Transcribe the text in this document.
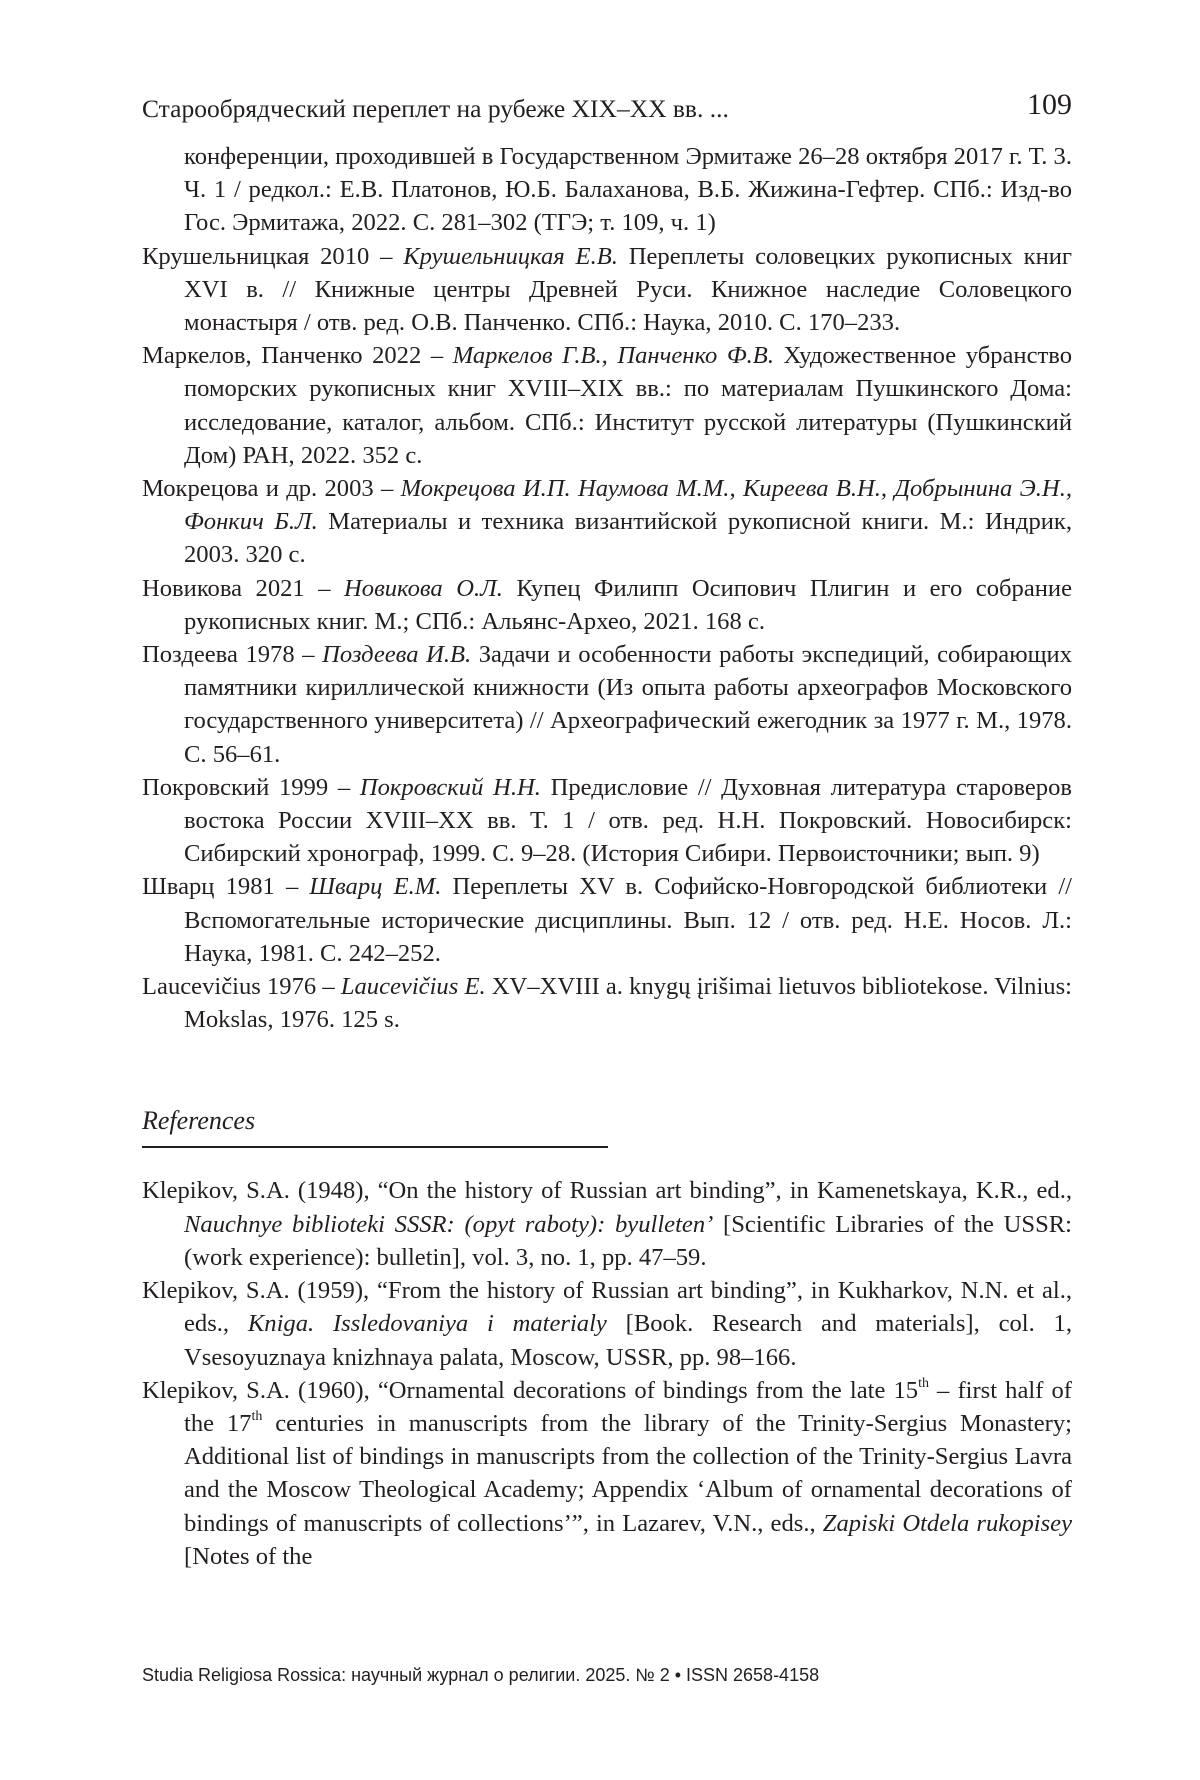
Старообрядческий переплет на рубеже XIX–XX вв. ...	109

конференции, проходившей в Государственном Эрмитаже 26–28 октября 2017 г. Т. 3. Ч. 1 / редкол.: Е.В. Платонов, Ю.Б. Балаханова, В.Б. Жижина-Гефтер. СПб.: Изд-во Гос. Эрмитажа, 2022. С. 281–302 (ТГЭ; т. 109, ч. 1)

Крушельницкая 2010 – Крушельницкая Е.В. Переплеты соловецких рукописных книг XVI в. // Книжные центры Древней Руси. Книжное наследие Соловецкого монастыря / отв. ред. О.В. Панченко. СПб.: Наука, 2010. С. 170–233.

Маркелов, Панченко 2022 – Маркелов Г.В., Панченко Ф.В. Художественное убранство поморских рукописных книг XVIII–XIX вв.: по материалам Пушкинского Дома: исследование, каталог, альбом. СПб.: Институт русской литературы (Пушкинский Дом) РАН, 2022. 352 с.

Мокрецова и др. 2003 – Мокрецова И.П. Наумова М.М., Киреева В.Н., Добрынина Э.Н., Фонкич Б.Л. Материалы и техника византийской рукописной книги. М.: Индрик, 2003. 320 с.

Новикова 2021 – Новикова О.Л. Купец Филипп Осипович Плигин и его собрание рукописных книг. М.; СПб.: Альянс-Археo, 2021. 168 с.

Поздеева 1978 – Поздеева И.В. Задачи и особенности работы экспедиций, собирающих памятники кириллической книжности (Из опыта работы археографов Московского государственного университета) // Археографический ежегодник за 1977 г. М., 1978. С. 56–61.

Покровский 1999 – Покровский Н.Н. Предисловие // Духовная литература староверов востока России XVIII–XX вв. Т. 1 / отв. ред. Н.Н. Покровский. Новосибирск: Сибирский хронограф, 1999. С. 9–28. (История Сибири. Первоисточники; вып. 9)

Шварц 1981 – Шварц Е.М. Переплеты XV в. Софийско-Новгородской библиотеки // Вспомогательные исторические дисциплины. Вып. 12 / отв. ред. Н.Е. Носов. Л.: Наука, 1981. С. 242–252.

Laucevičius 1976 – Laucevičius E. XV–XVIII a. knygų įrišimai lietuvos bibliotekose. Vilnius: Mokslas, 1976. 125 s.

References

Klepikov, S.A. (1948), “On the history of Russian art binding”, in Kamenetskaya, K.R., ed., Nauchnye biblioteki SSSR: (opyt raboty): byulleten’ [Scientific Libraries of the USSR: (work experience): bulletin], vol. 3, no. 1, pp. 47–59.

Klepikov, S.A. (1959), “From the history of Russian art binding”, in Kukharkov, N.N. et al., eds., Kniga. Issledovaniya i materialy [Book. Research and materials], col. 1, Vsesoyuznaya knizhnaya palata, Moscow, USSR, pp. 98–166.

Klepikov, S.A. (1960), “Ornamental decorations of bindings from the late 15th – first half of the 17th centuries in manuscripts from the library of the Trinity-Sergius Monastery; Additional list of bindings in manuscripts from the collection of the Trinity-Sergius Lavra and the Moscow Theological Academy; Appendix ‘Album of ornamental decorations of bindings of manuscripts of collections’”, in Lazarev, V.N., eds., Zapiski Otdela rukopisey [Notes of the

Studia Religiosa Rossica: научный журнал о религии. 2025. № 2 • ISSN 2658-4158
